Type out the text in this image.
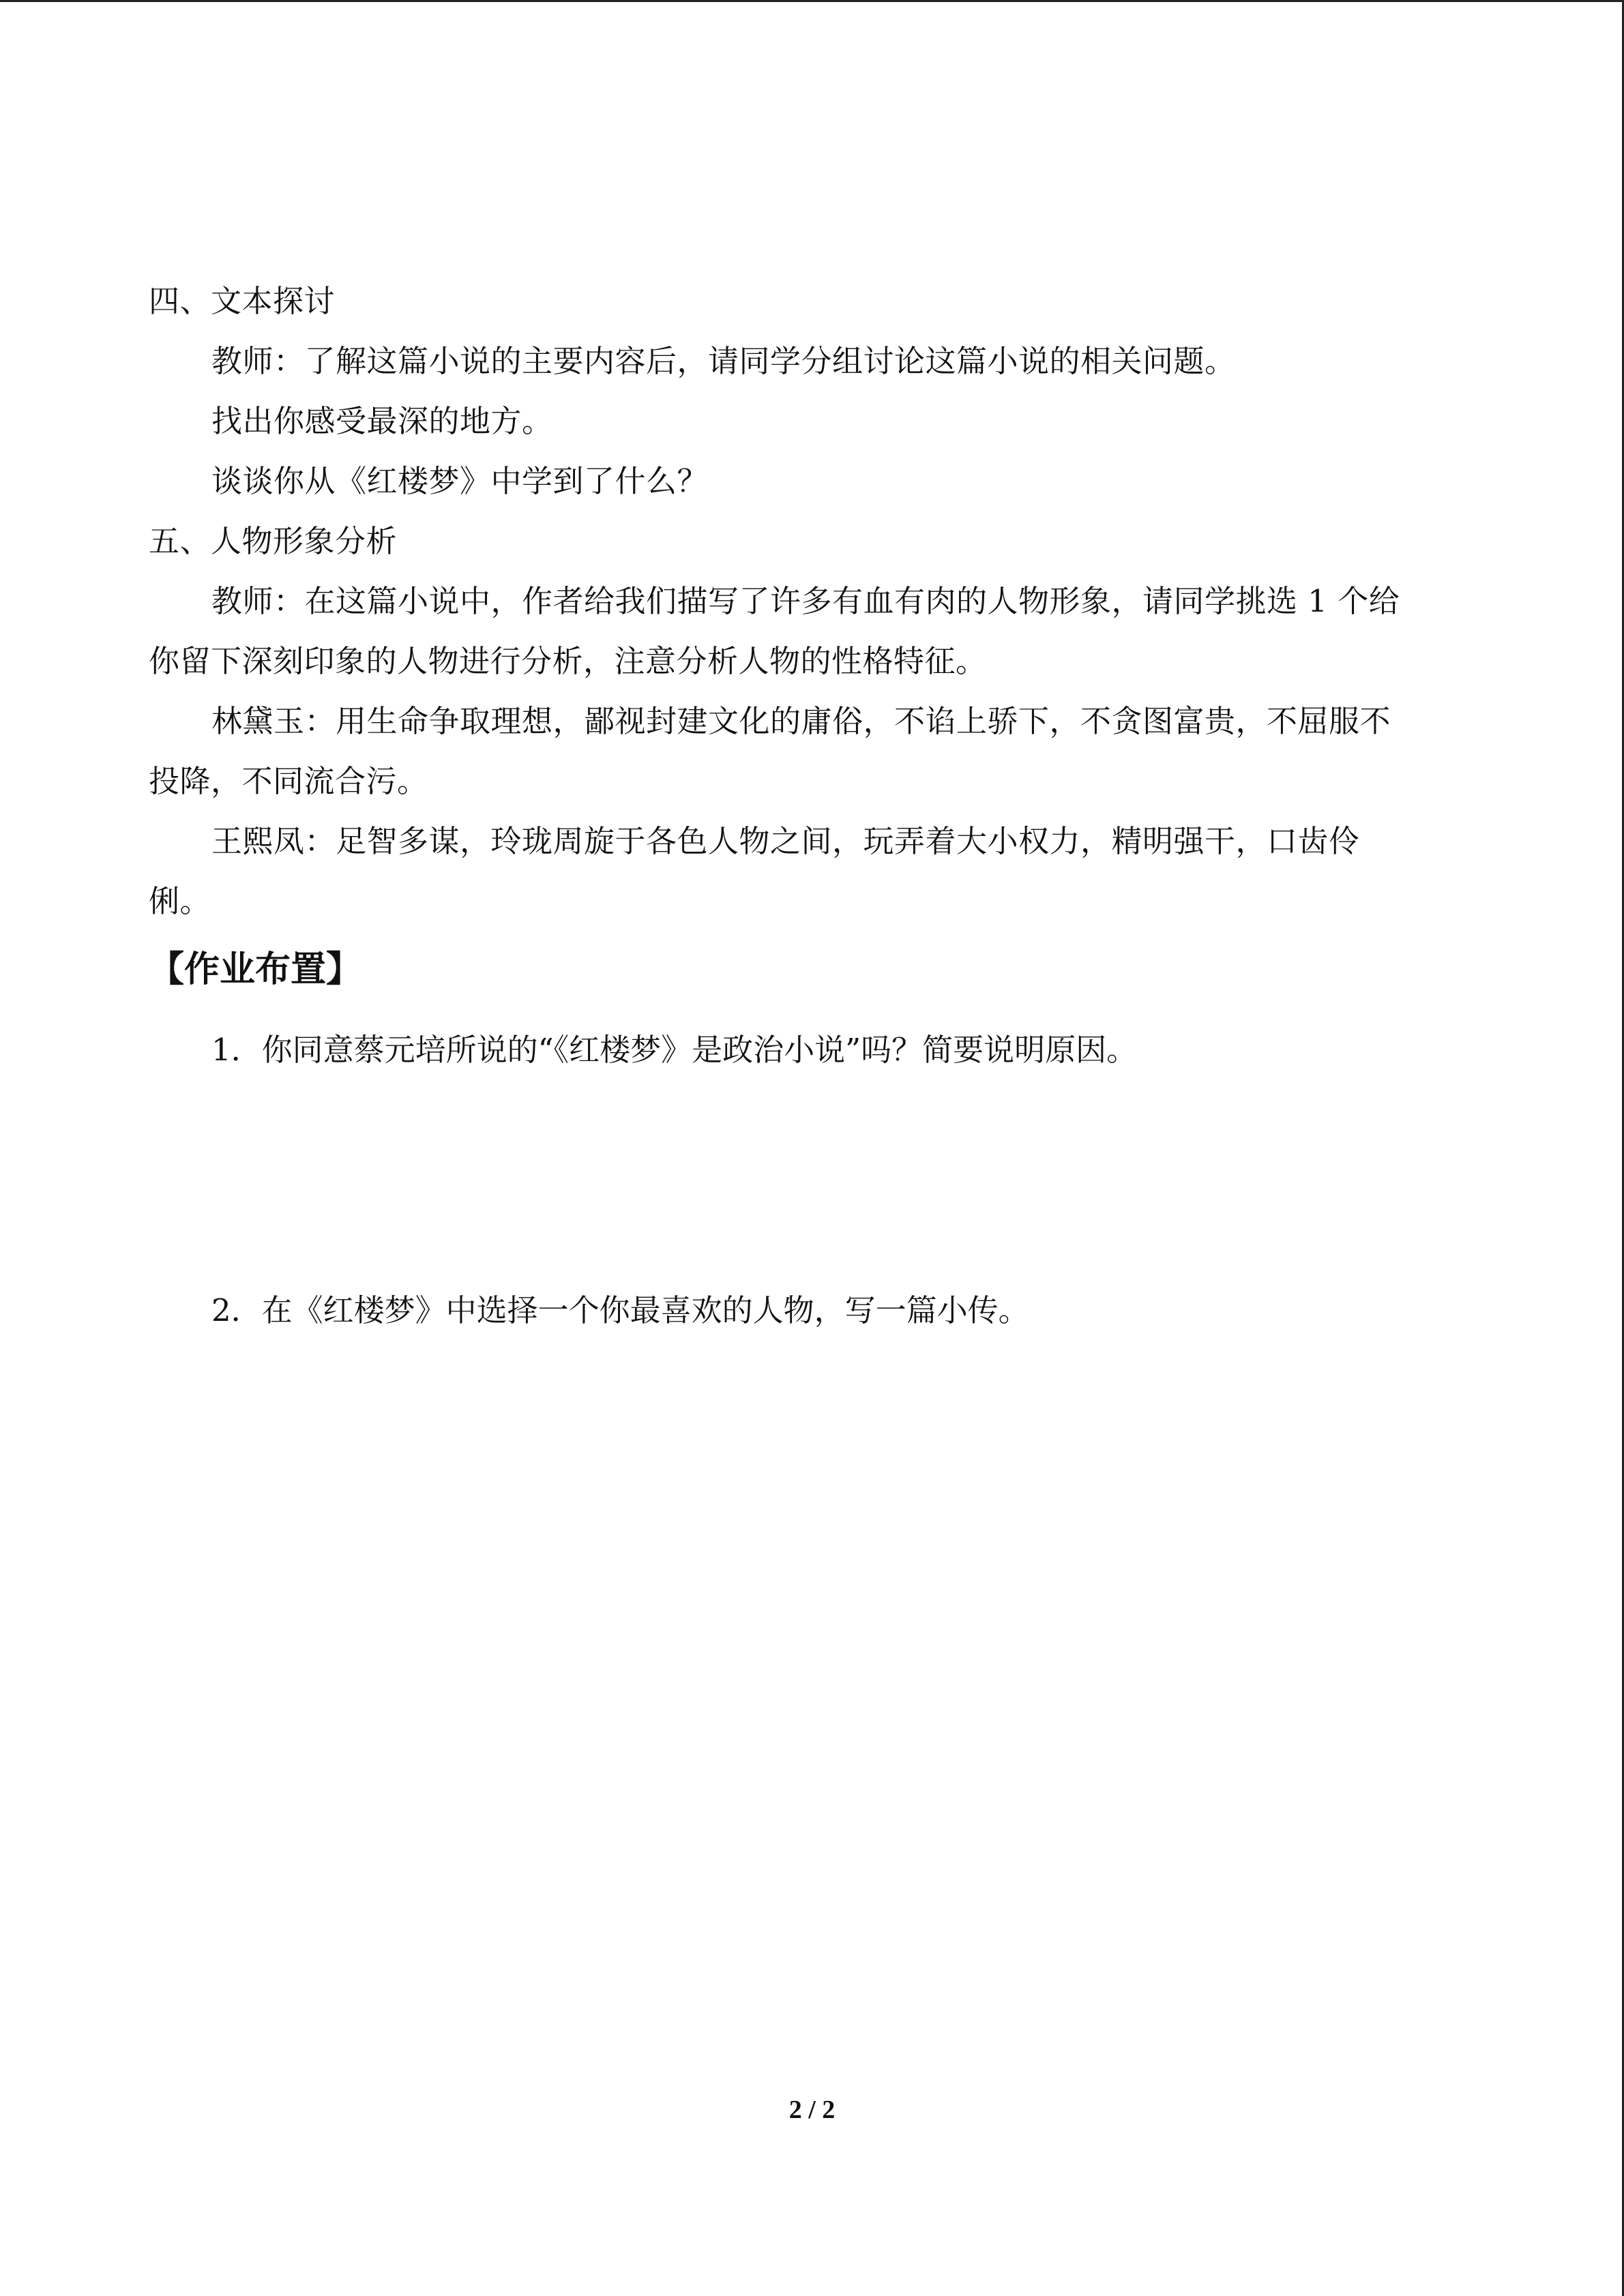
四、文本探讨
教师：了解这篇小说的主要内容后，请同学分组讨论这篇小说的相关问题。
找出你感受最深的地方。
谈谈你从《红楼梦》中学到了什么？
五、人物形象分析
教师：在这篇小说中，作者给我们描写了许多有血有肉的人物形象，请同学挑选 1 个给
你留下深刻印象的人物进行分析，注意分析人物的性格特征。
林黛玉：用生命争取理想，鄙视封建文化的庸俗，不谄上骄下，不贪图富贵，不屈服不
投降，不同流合污。
王熙凤：足智多谋，玲珑周旋于各色人物之间，玩弄着大小权力，精明强干，口齿伶
俐。
【作业布置】
1．你同意蔡元培所说的“《红楼梦》是政治小说”吗？简要说明原因。
2．在《红楼梦》中选择一个你最喜欢的人物，写一篇小传。
2 / 2
